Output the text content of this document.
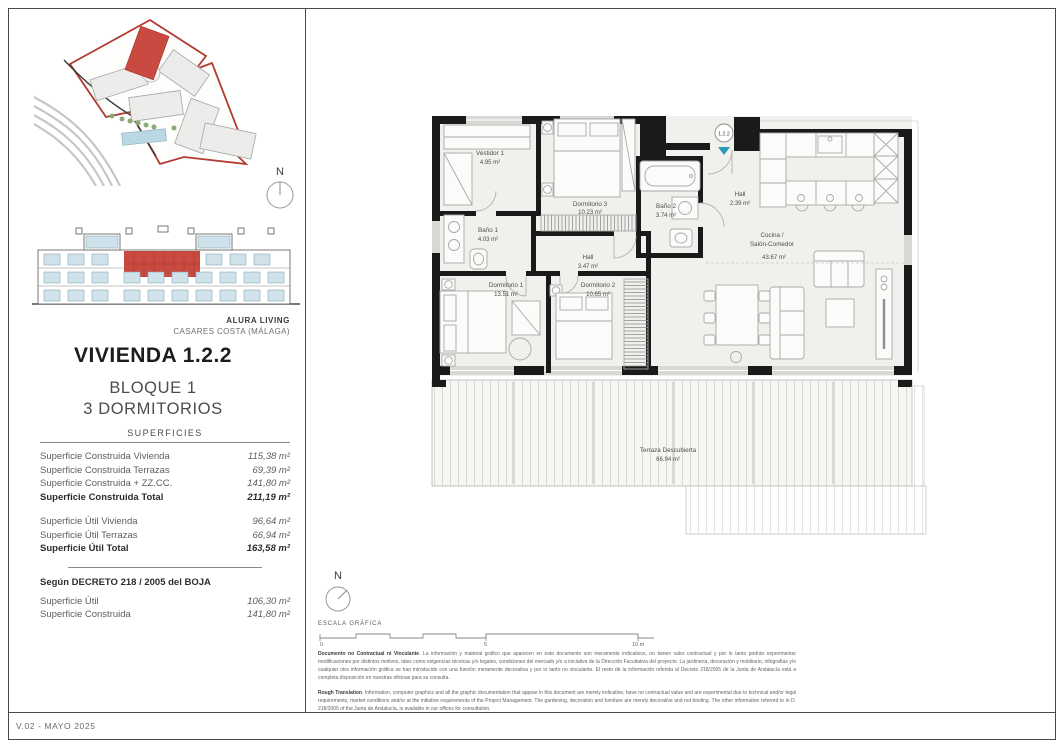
V.02 - MAYO 2025
N
ALURA LIVING
CASARES COSTA (MÁLAGA)
VIVIENDA 1.2.2
BLOQUE 1
3 DORMITORIOS
SUPERFICIES
Superficie Construida Vivienda	115,38 m²
Superficie Construida Terrazas	69,39 m²
Superficie Construida + ZZ.CC.	141,80 m²
Superficie Construida Total	211,19 m²
Superficie Útil Vivienda	96,64 m²
Superficie Útil Terrazas	66,94 m²
Superficie Útil Total	163,58 m²
Según DECRETO 218 / 2005 del BOJA
Superficie Útil	106,30 m²
Superficie Construida	141,80 m²
Vestidor 1
4.95 m²
Dormitorio 3
10.23 m²
Baño 1
4.03 m²
Hall
3.47 m²
Baño 2
3.74 m²
Hall
2.39 m²
Dormitorio 1
13.51 m²
Dormitorio 2
10.65 m²
Cocina /
Salón-Comedor
43.67 m²
Terraza Descubierta
66.94 m²
1.2.2
N
ESCALA GRÁFICA
0	5	10 m

Documento no Contractual ni Vinculante. La información y material gráfico que aparecen en este documento son meramente indicativos, no tienen valor contractual y por lo tanto podrán experimentar modificaciones por distintos motivos, tales como exigencias técnicas y/o legales, condiciones del mercado y/o a iniciativa de la Dirección Facultativa del proyecto. La jardinería, decoración y mobiliario, infografías y/o cualquier otra información gráfica se han introducido con una función meramente decorativa y por lo tanto no vinculante. El resto de la información referida al Decreto 218/2005 de la Junta de Andalucía está a completa disposición en nuestras oficinas para su consulta.

Rough Translation. Information, computer graphics and all the graphic documentation that appear in this document are merely indicative, have no contractual value and are experimental due to technical and/or legal requirements, market conditions and/or at the initiative requirements of the Project Management. The gardening, decoration and furniture are merely decorative and not binding. The other information referred to in D. 218/2005 of the Junta de Andalucía, is available in our offices for consultation.
